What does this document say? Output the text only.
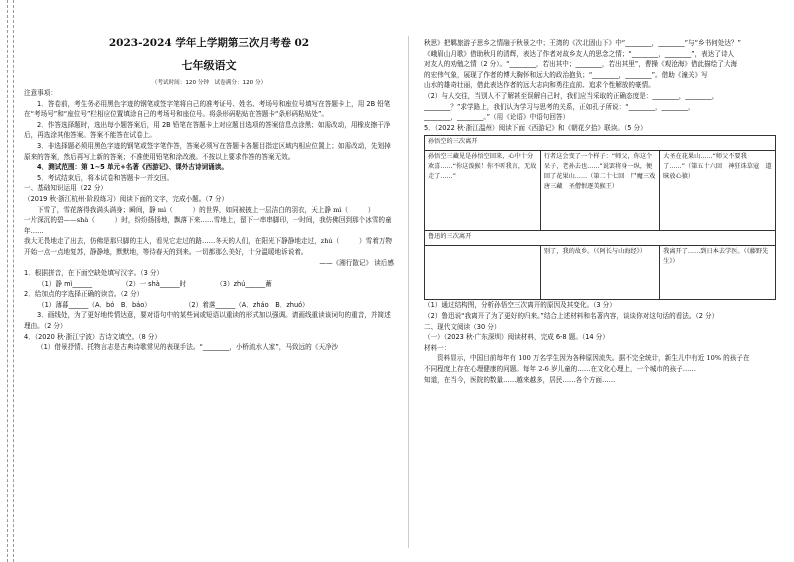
2023-2024 学年上学期第三次月考卷 02

七年级语文

（考试时间：120 分钟　试卷满分：120 分）

注意事项：

1．答卷前，考生务必用黑色字迹的钢笔或签字笔将自己的准考证号、姓名、考场号和座位号填写在答题卡上，用 2B 铅笔在“考场号”和“座位号”栏相应位置填涂自己的考场号和座位号。将条形码粘贴在答题卡“条形码粘贴处”。

2．作答选择题时，选出每小题答案后，用 2B 铅笔在答题卡上对应题目选项的答案信息点涂黑；如需改动，用橡皮擦干净后，再选涂其他答案。答案不能答在试卷上。

3．非选择题必须用黑色字迹的钢笔或签字笔作答，答案必须写在答题卡各题目指定区域内相应位置上；如需改动，先划掉原来的答案，然后再写上新的答案；不准使用铅笔和涂改液。不按以上要求作答的答案无效。

4．测试范围：第 1~5 单元+名著《西游记》、课外古诗词诵读。

5．考试结束后，将本试卷和答题卡一并交回。

一、基础知识运用（22 分）

（2019 秋·浙江杭州·阶段练习）阅读下面的文字，完成小题。（7 分）

下雪了，雪花落得我满头满身；瞬间，静 mì（　　　）的世界，如同被披上一层洁白的羽衣，天上静 mì（　　　）

一片深沉的碧——shà（　　　）时，纷纷扬扬地，飘落下来……雪地上，留下一串串脚印，一时间，我仿佛回到那个冰雪的童年……

我大无畏地走了出去，仿佛是那只脚的主人，看见它走过的路……冬天的人们，在阳光下静静地走过，zhú（　　　）雪着万物

开始一点一点地复苏，静静地，默默地，等待春天的到来。一切都那么美好，十分温暖地诉说着。

——《湘行散记》 读后感

1．根据拼音，在下面空缺处填写汉字。（3 分）

（1）静 mì______	（2）一 shà______时	（3）zhú______蓄

2．给加点的字选择正确的读音。（2 分）

（1）薄暮______（A．bó　B．báo）	（2）着落______（A．zháo　B．zhuó）

3．画线处，为了更好地传情达意，要对语句中的某些词或短语以重读的形式加以强调。请画线重读该词句的重音，并简述理由。（2 分）

4．（2020 秋·浙江宁波）古诗文填空。（8 分）

（1）借景抒情、托物言志是古典诗歌常见的表现手法。“________，小桥流水人家”，马致远的《天净沙

秋思》把羁旅游子思乡之情融于秋景之中；王湾的《次北固山下》中“________，________”与“乡书何处达？”

《峨眉山月歌》借助秋月的清辉，表达了作者对故乡友人的思念之情；“________，________”，表达了诗人

对友人的劝勉之情（2 分）。“________，若出其中；________，若出其里”，曹操《观沧海》借此描绘了大海

的宏伟气象，展现了作者的博大胸怀和远大的政治抱负；“________，________”。借助《潼关》写

山水的雄奇壮丽，借此表达作者的远大志向和勇往直前、追求个性解放的豪情。

（2）与人交往，当别人不了解甚至误解自己时，我们应当采取的正确态度是：________，________，

________？”求学路上，我们认为学习与思考的关系，正如孔子所说：“________，________，

________，________。”（用《论语》中语句回答）

5．（2022 秋·浙江温州）阅读下面《西游记》和《朝花夕拾》联读。（5 分）

孙悟空的三次离开		
孙悟空三藏见是孙悟空回来，心中十分欢喜……“你这泼猴！你不听我言，无故走了……”	行者这会变了一个样子：“师父，你这个呆子，老孙去也……”说罢将身一纵，便回了花果山……（第二十七回　尸魔三戏唐三藏　圣僧恨逐美猴王）	大圣在花果山……“师父不要我了……”（第五十六回　神狂诛草寇　道昧放心猿）
鲁迅的三次离开		
	别了，我的故乡。（《阿长与山海经》）	我离开了……到日本去学医。（《藤野先生》）

（1）通过结构图，分析孙悟空三次离开的原因及其变化。（3 分）

（2）鲁迅说“我离开了为了更好的归来。”结合上述材料和名著内容，谈谈你对这句话的看法。（2 分）

二、现代文阅读（30 分）

（一）（2023 秋·广东深圳）阅读材料，完成 6-8 题。（14 分）

材料一：

资料显示，中国目前每年有 100 万名学生因为各种原因流失。据不完全统计，新生儿中有近 10% 的孩子在

不同程度上存在心理健康的问题。每年 2-6 岁儿童的……在文化心理上，一个城市的孩子……

知道，在当今，医院的数量……越来越多，居民……各个方面……
